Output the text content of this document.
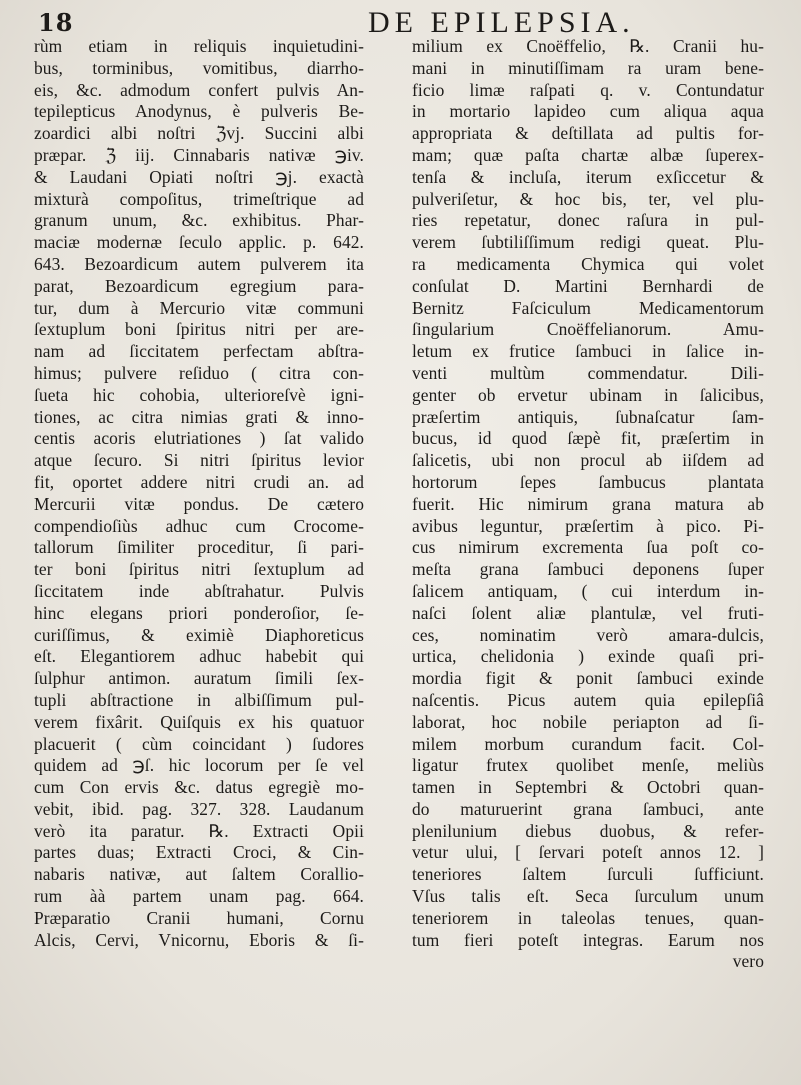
18	DE EPILEPSIA.
rùm etiam in reliquis inquietudini-
bus, torminibus, vomitibus, diarrho-
eis, &c. admodum confert pulvis An-
tepilepticus Anodynus, è pulveris Be-
zoardici albi noſtri ℨvj. Succini albi
præpar. ℨ iij. Cinnabaris nativæ ℈iv.
& Laudani Opiati noſtri ℈j. exactà
mixturà compoſitus, trimeſtrique ad
granum unum, &c. exhibitus. Phar-
maciæ modernæ ſeculo applic. p. 642.
643. Bezoardicum autem pulverem ita
parat, Bezoardicum egregium para-
tur, dum à Mercurio vitæ communi
ſextuplum boni ſpiritus nitri per are-
nam ad ſiccitatem perfectam abſtra-
himus; pulvere reſiduo ( citra con-
ſueta hic cohobia, ulterioreſvè igni-
tiones, ac citra nimias grati & inno-
centis acoris elutriationes ) ſat valido
atque ſecuro. Si nitri ſpiritus levior
fit, oportet addere nitri crudi an. ad
Mercurii vitæ pondus. De cætero
compendioſiùs adhuc cum Crocome-
tallorum ſimiliter proceditur, ſi pari-
ter boni ſpiritus nitri ſextuplum ad
ſiccitatem inde abſtrahatur. Pulvis
hinc elegans priori ponderoſior, ſe-
curiſſimus, & eximiè Diaphoreticus
eſt. Elegantiorem adhuc habebit qui
ſulphur antimon. auratum ſimili ſex-
tupli abſtractione in albiſſimum pul-
verem fixârit. Quiſquis ex his quatuor
placuerit ( cùm coincidant ) ſudores
quidem ad ℈ſ. hic locorum per ſe vel
cum Con ervis &c. datus egregiè mo-
vebit, ibid. pag. 327. 328. Laudanum
verò ita paratur. ℞. Extracti Opii
partes duas; Extracti Croci, & Cin-
nabaris nativæ, aut ſaltem Corallio-
rum àà partem unam pag. 664.
Præparatio Cranii humani, Cornu
Alcis, Cervi, Vnicornu, Eboris & ſi-
milium ex Cnoëffelio, ℞. Cranii hu-
mani in minutiſſimam ra uram bene-
ficio limæ raſpati q. v. Contundatur
in mortario lapideo cum aliqua aqua
appropriata & deſtillata ad pultis for-
mam; quæ paſta chartæ albæ ſuperex-
tenſa & incluſa, iterum exſiccetur &
pulveriſetur, & hoc bis, ter, vel plu-
ries repetatur, donec raſura in pul-
verem ſubtiliſſimum redigi queat. Plu-
ra medicamenta Chymica qui volet
conſulat D. Martini Bernhardi de
Bernitz Faſciculum Medicamentorum
ſingularium Cnoëffelianorum. Amu-
letum ex frutice ſambuci in ſalice in-
venti multùm commendatur. Dili-
genter ob ervetur ubinam in ſalicibus,
præſertim antiquis, ſubnaſcatur ſam-
bucus, id quod ſæpè fit, præſertim in
ſalicetis, ubi non procul ab iiſdem ad
hortorum ſepes ſambucus plantata
fuerit. Hic nimirum grana matura ab
avibus leguntur, præſertim à pico. Pi-
cus nimirum excrementa ſua poſt co-
meſta grana ſambuci deponens ſuper
ſalicem antiquam, ( cui interdum in-
naſci ſolent aliæ plantulæ, vel fruti-
ces, nominatim verò amara-dulcis,
urtica, chelidonia ) exinde quaſi pri-
mordia figit & ponit ſambuci exinde
naſcentis. Picus autem quia epilepſiâ
laborat, hoc nobile periapton ad ſi-
milem morbum curandum facit. Col-
ligatur frutex quolibet menſe, meliùs
tamen in Septembri & Octobri quan-
do maturuerint grana ſambuci, ante
plenilunium diebus duobus, & refer-
vetur ului, [ ſervari poteſt annos 12. ]
teneriores ſaltem ſurculi ſufficiunt.
Vſus talis eſt. Seca ſurculum unum
teneriorem in taleolas tenues, quan-
tum fieri poteſt integras. Earum nos
vero
